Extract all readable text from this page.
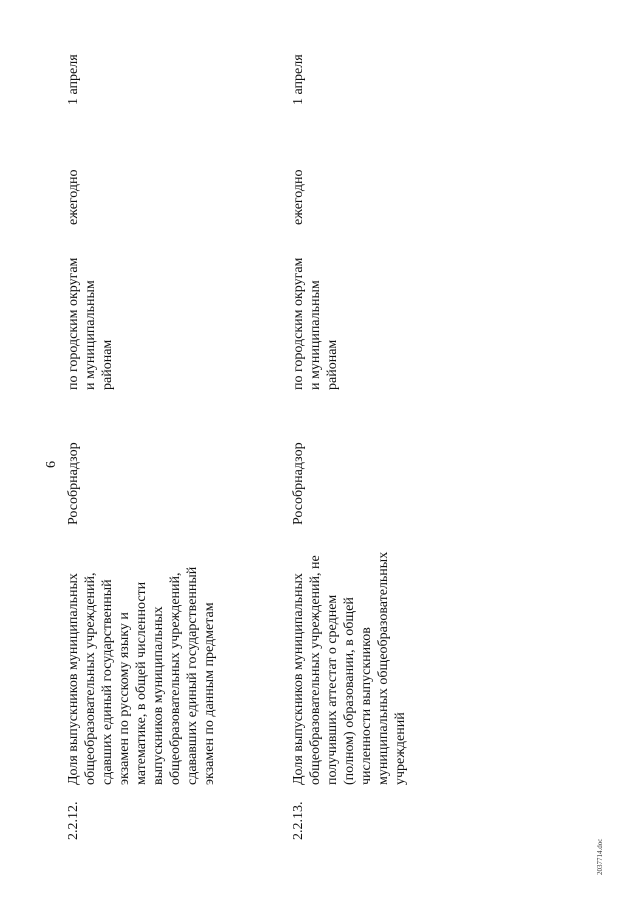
6
2.2.12.
Доля выпускников муниципальных общеобразовательных учреждений, сдавших единый государственный экзамен по русскому языку и математике, в общей численности выпускников муниципальных общеобразовательных учреждений, сдававших единый государственный экзамен по данным предметам
Рособрнадзор
по городским округам и муниципальным районам
ежегодно
1 апреля
2.2.13.
Доля выпускников муниципальных общеобразовательных учреждений, не получивших аттестат о среднем (полном) образовании, в общей численности выпускников муниципальных общеобразовательных учреждений
Рособрнадзор
по городским округам и муниципальным районам
ежегодно
1 апреля
2037714.doc
